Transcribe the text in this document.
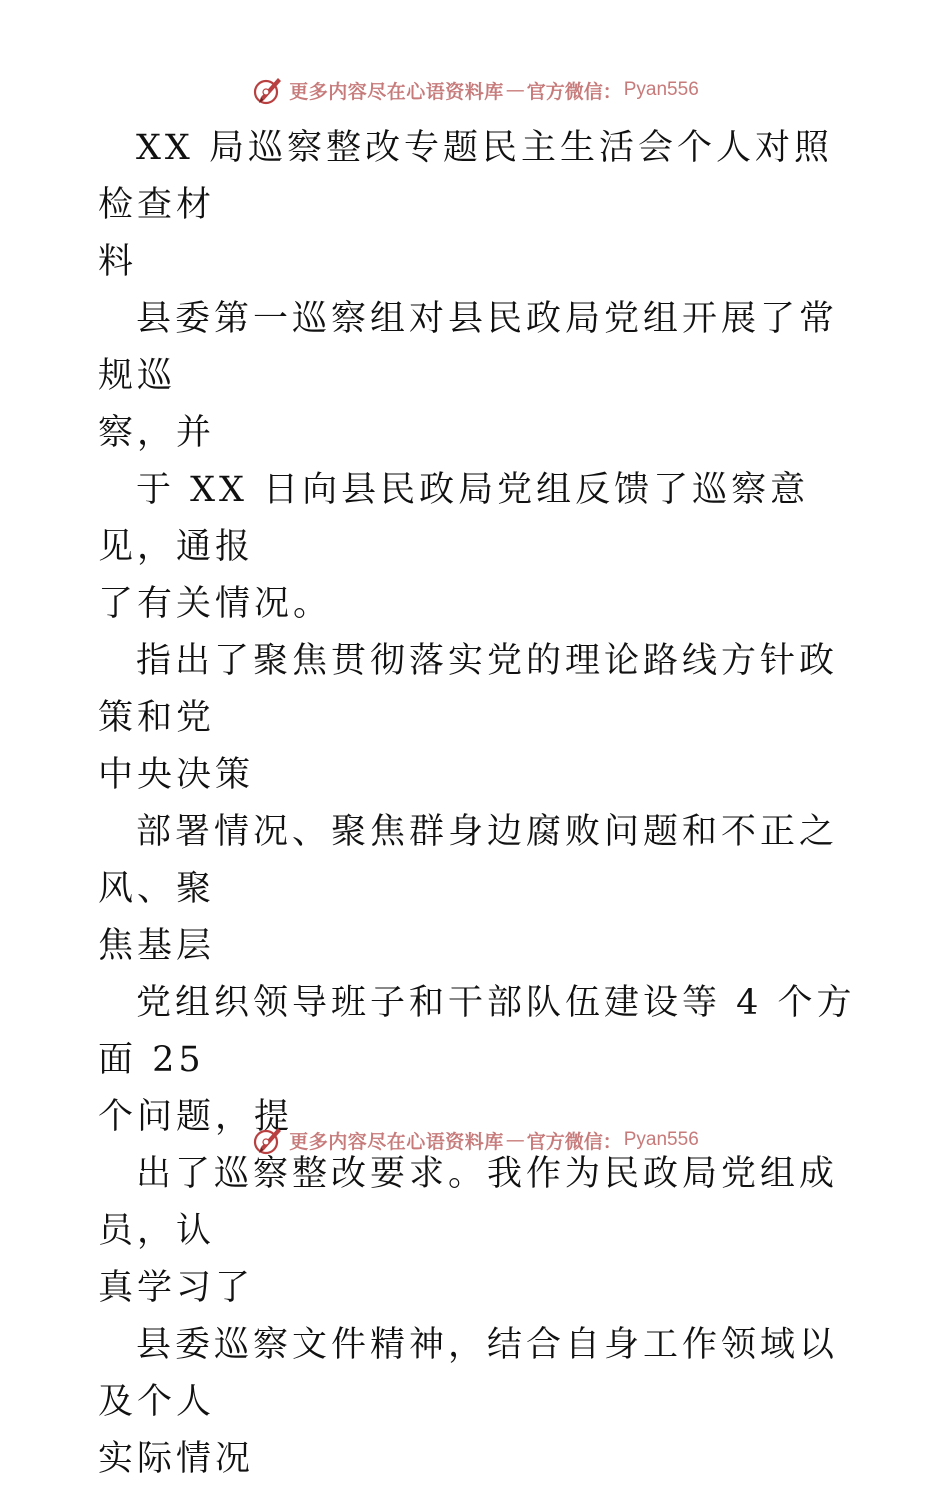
更多内容尽在心语资料库 — 官方微信： Pyan556

XX 局巡察整改专题民主生活会个人对照检查材
料

县委第一巡察组对县民政局党组开展了常规巡
察，并

于 XX 日向县民政局党组反馈了巡察意见，通报
了有关情况。

指出了聚焦贯彻落实党的理论路线方针政策和党
中央决策

部署情况、聚焦群身边腐败问题和不正之风、聚
焦基层

党组织领导班子和干部队伍建设等 4 个方面 25
个问题，提

出了巡察整改要求。我作为民政局党组成员，认
真学习了

县委巡察文件精神，结合自身工作领域以及个人
实际情况

更多内容尽在心语资料库 — 官方微信： Pyan556
